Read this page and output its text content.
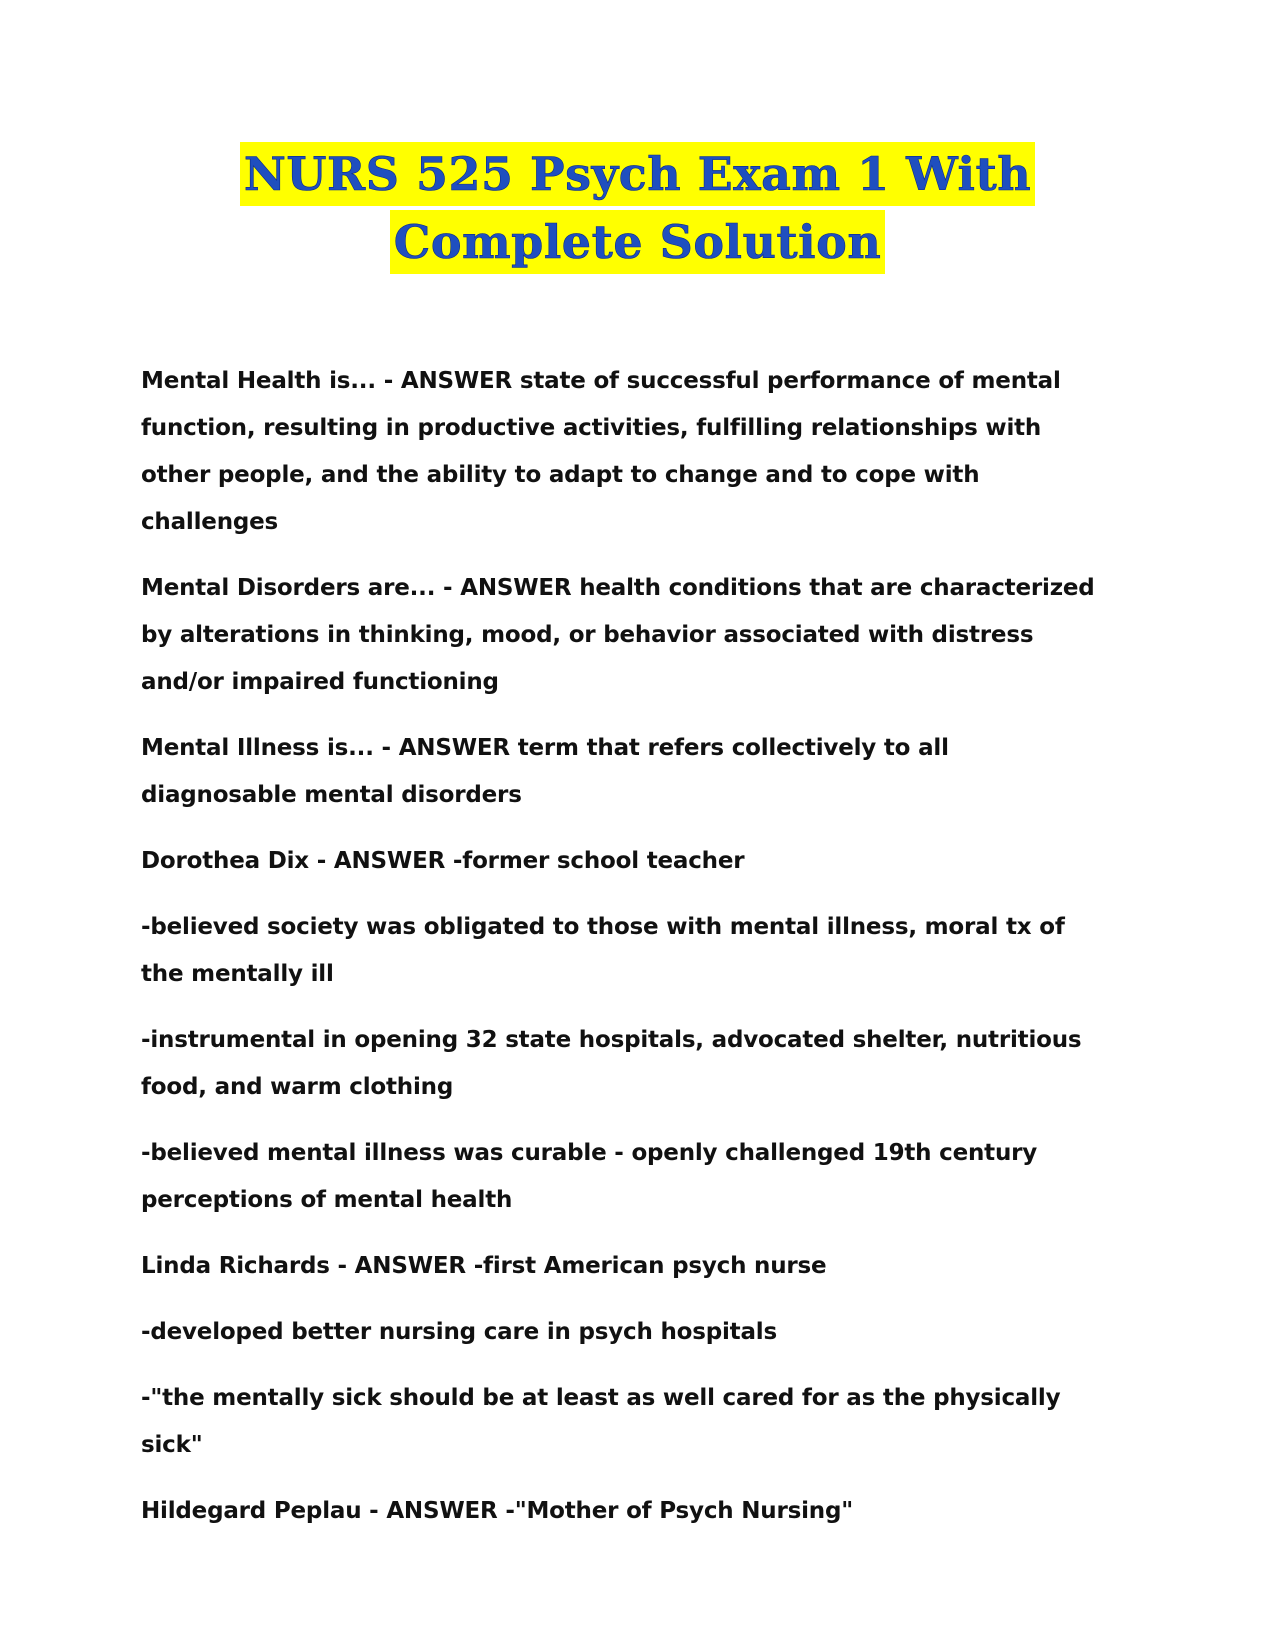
NURS 525 Psych Exam 1 With
Complete Solution

Mental Health is... - ANSWER state of successful performance of mental function, resulting in productive activities, fulfilling relationships with other people, and the ability to adapt to change and to cope with challenges

Mental Disorders are... - ANSWER health conditions that are characterized by alterations in thinking, mood, or behavior associated with distress and/or impaired functioning

Mental Illness is... - ANSWER term that refers collectively to all diagnosable mental disorders

Dorothea Dix - ANSWER -former school teacher

-believed society was obligated to those with mental illness, moral tx of the mentally ill

-instrumental in opening 32 state hospitals, advocated shelter, nutritious food, and warm clothing

-believed mental illness was curable - openly challenged 19th century perceptions of mental health

Linda Richards - ANSWER -first American psych nurse

-developed better nursing care in psych hospitals

-"the mentally sick should be at least as well cared for as the physically sick"

Hildegard Peplau - ANSWER -"Mother of Psych Nursing"
